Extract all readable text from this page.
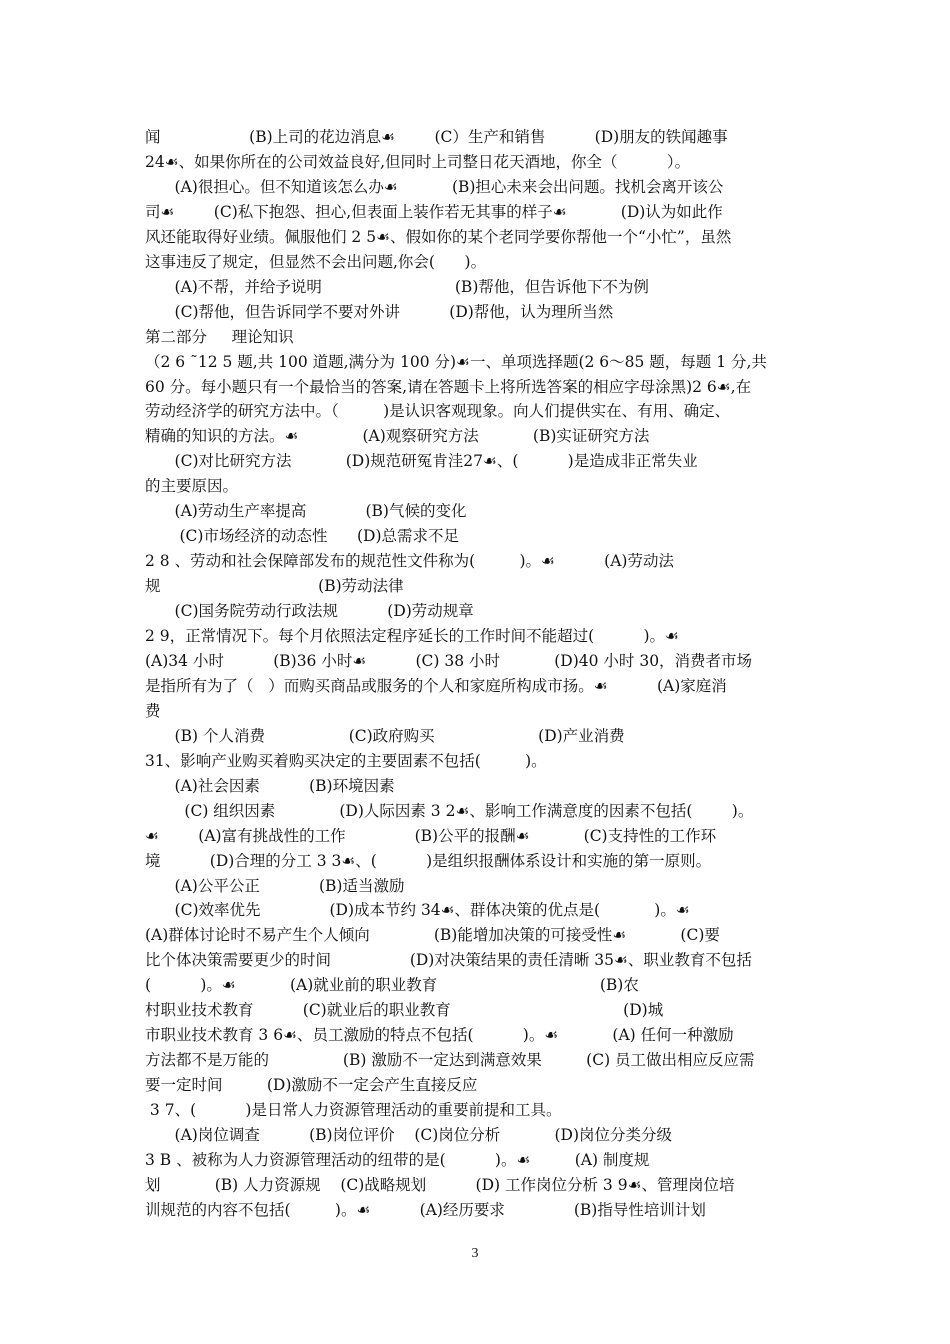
闻                  (B)上司的花边消息☙        (C）生产和销售          (D)朋友的铁闻趣事
24☙、如果你所在的公司效益良好,但同时上司整日花天酒地，你全（          ）。
(A)很担心。但不知道该怎么办☙           (B)担心未来会出问题。找机会离开该公
司☙        (C)私下抱怨、担心,但表面上装作若无其事的样子☙           (D)认为如此作
风还能取得好业绩。佩服他们 2 5☙、假如你的某个老同学要你帮他一个“小忙”，虽然
这事违反了规定，但显然不会出问题,你会(      )。
(A)不帮，并给予说明                           (B)帮他，但告诉他下不为例
(C)帮他，但告诉同学不要对外讲          (D)帮他，认为理所当然
第二部分     理论知识
（2 6 ˜12 5 题,共 100 道题,满分为 100 分)☙一、单项选择题(2 6～85 题，每题 1 分,共
60 分。每小题只有一个最恰当的答案,请在答题卡上将所选答案的相应字母涂黑)2 6☙,在
劳动经济学的研究方法中。（         )是认识客观现象。向人们提供实在、有用、确定、
精确的知识的方法。☙             (A)观察研究方法           (B)实证研究方法
(C)对比研究方法           (D)规范研冤肯洼27☙、(          )是造成非正常失业
的主要原因。
(A)劳动生产率提高            (B)气候的变化
(C)市场经济的动态性      (D)总需求不足
2 8 、劳动和社会保障部发布的规范性文件称为(         )。☙          (A)劳动法
规                                (B)劳动法律
(C)国务院劳动行政法规          (D)劳动规章
2 9，正常情况下。每个月依照法定程序延长的工作时间不能超过(          )。☙
(A)34 小时          (B)36 小时☙          (C) 38 小时           (D)40 小时 30，消费者市场
是指所有为了（   ）而购买商品或服务的个人和家庭所构成市扬。☙          (A)家庭消
费
(B) 个人消费                 (C)政府购买                     (D)产业消费
31、影响产业购买着购买决定的主要固素不包括(         )。
(A)社会因素          (B)环境因素
(C) 组织因素             (D)人际因素 3 2☙、影响工作满意度的因素不包括(        )。
☙        (A)富有挑战性的工作              (B)公平的报酬☙           (C)支持性的工作环
境          (D)合理的分工 3 3☙、(          )是组织报酬体系设计和实施的第一原则。
(A)公平公正            (B)适当激励
(C)效率优先              (D)成本节约 34☙、群体决策的优点是(           )。☙
(A)群体讨论时不易产生个人倾向             (B)能增加决策的可接受性☙           (C)要
比个体决策需要更少的时间                (D)对决策结果的责任清晰 35☙、职业教育不包括
(          )。☙           (A)就业前的职业教育                                 (B)农
村职业技术教育          (C)就业后的职业教育                                   (D)城
市职业技术教育 3 6☙、员工激励的特点不包括(          )。☙           (A) 任何一种激励
方法都不是万能的               (B) 激励不一定达到满意效果         (C) 员工做出相应反应需
要一定时间         (D)激励不一定会产生直接反应
3 7、(          )是日常人力资源管理活动的重要前提和工具。
(A)岗位调查          (B)岗位评价    (C)岗位分析           (D)岗位分类分级
3 B 、被称为人力资源管理活动的纽带的是(          )。☙         (A) 制度规
划           (B) 人力资源规    (C)战略规划          (D) 工作岗位分析 3 9☙、管理岗位培
训规范的内容不包括(         )。☙          (A)经历要求              (B)指导性培训计划
3
